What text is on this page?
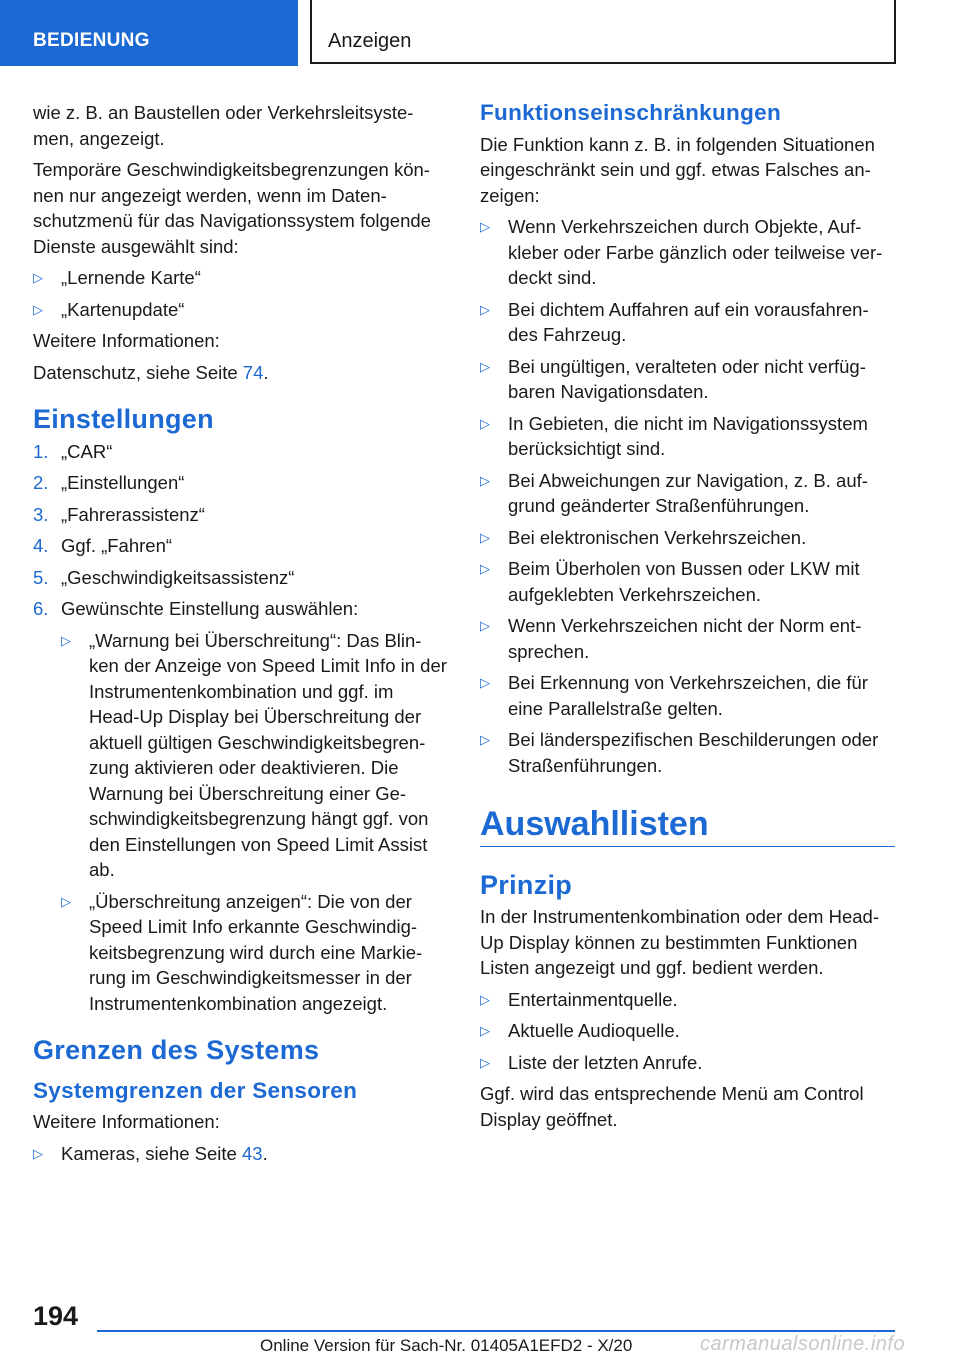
BEDIENUNG	Anzeigen

wie z. B. an Baustellen oder Verkehrsleitsyste-men, angezeigt.

Temporäre Geschwindigkeitsbegrenzungen kön-nen nur angezeigt werden, wenn im Daten-schutzmenü für das Navigationssystem folgende Dienste ausgewählt sind:

▷ „Lernende Karte“
▷ „Kartenupdate“

Weitere Informationen:

Datenschutz, siehe Seite 74.

Einstellungen
1. „CAR“
2. „Einstellungen“
3. „Fahrerassistenz“
4. Ggf. „Fahren“
5. „Geschwindigkeitsassistenz“
6. Gewünschte Einstellung auswählen:
▷ „Warnung bei Überschreitung“: Das Blin-ken der Anzeige von Speed Limit Info in der Instrumentenkombination und ggf. im Head-Up Display bei Überschreitung der aktuell gültigen Geschwindigkeitsbegren-zung aktivieren oder deaktivieren. Die Warnung bei Überschreitung einer Ge-schwindigkeitsbegrenzung hängt ggf. von den Einstellungen von Speed Limit Assist ab.
▷ „Überschreitung anzeigen“: Die von der Speed Limit Info erkannte Geschwindig-keitsbegrenzung wird durch eine Markie-rung im Geschwindigkeitsmesser in der Instrumentenkombination angezeigt.
Grenzen des Systems
Systemgrenzen der Sensoren

Weitere Informationen:

▷ Kameras, siehe Seite 43.
Funktionseinschränkungen

Die Funktion kann z. B. in folgenden Situationen eingeschränkt sein und ggf. etwas Falsches an-zeigen:

▷ Wenn Verkehrszeichen durch Objekte, Auf-kleber oder Farbe gänzlich oder teilweise ver-deckt sind.
▷ Bei dichtem Auffahren auf ein vorausfahren-des Fahrzeug.
▷ Bei ungültigen, veralteten oder nicht verfüg-baren Navigationsdaten.
▷ In Gebieten, die nicht im Navigationssystem berücksichtigt sind.
▷ Bei Abweichungen zur Navigation, z. B. auf-grund geänderter Straßenführungen.
▷ Bei elektronischen Verkehrszeichen.
▷ Beim Überholen von Bussen oder LKW mit aufgeklebten Verkehrszeichen.
▷ Wenn Verkehrszeichen nicht der Norm ent-sprechen.
▷ Bei Erkennung von Verkehrszeichen, die für eine Parallelstraße gelten.
▷ Bei länderspezifischen Beschilderungen oder Straßenführungen.
Auswahllisten
Prinzip

In der Instrumentenkombination oder dem Head-Up Display können zu bestimmten Funktionen Listen angezeigt und ggf. bedient werden.

▷ Entertainmentquelle.
▷ Aktuelle Audioquelle.
▷ Liste der letzten Anrufe.

Ggf. wird das entsprechende Menü am Control Display geöffnet.

194
Online Version für Sach-Nr. 01405A1EFD2 - X/20	carmanualsonline.info
